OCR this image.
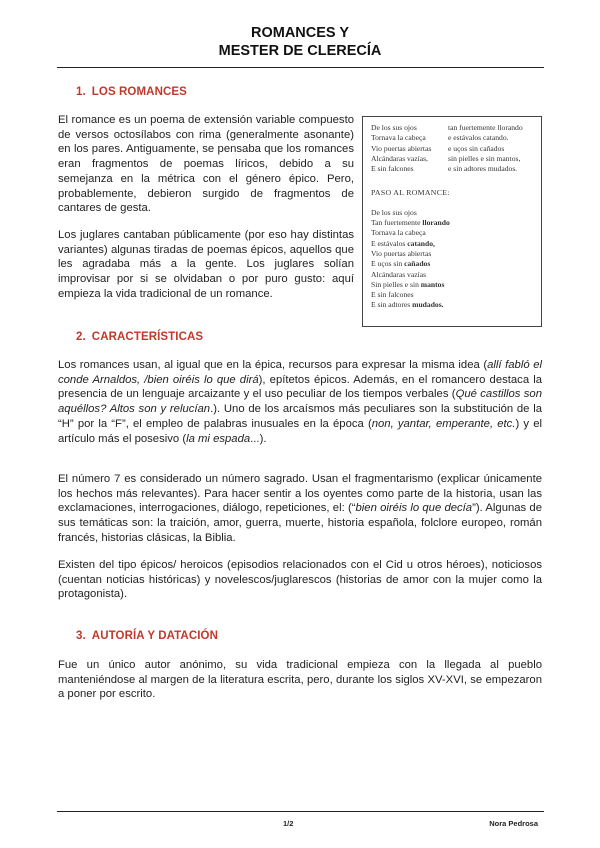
ROMANCES Y
MESTER DE CLERECÍA
1. LOS ROMANCES

El romance es un poema de extensión variable compuesto de versos octosílabos con rima (generalmente asonante) en los pares. Antiguamente, se pensaba que los romances eran fragmentos de poemas líricos, debido a su semejanza en la métrica con el género épico. Pero, probablemente, debieron surgido de fragmentos de cantares de gesta.

Los juglares cantaban públicamente (por eso hay distintas variantes) algunas tiradas de poemas épicos, aquellos que les agradaba más a la gente. Los juglares solían improvisar por si se olvidaban o por puro gusto: aquí empieza la vida tradicional de un romance.

De los sus ojos	tan fuertemente llorando
Tornava la cabeça	e estávalos catando.
Vio puertas abiertas	e uços sin cañados
Alcándaras vazías,	sin pielles e sin mantos,
E sin falcones	e sin adtores mudados.
PASO AL ROMANCE:
De los sus ojos
Tan fuertemente llorando
Tornava la cabeça
E estávalos catando,
Vio puertas abiertas
E uços sin cañados
Alcándaras vazías
Sin pielles e sin mantos
E sin falcones
E sin adtores mudados.
2. CARACTERÍSTICAS

Los romances usan, al igual que en la épica, recursos para expresar la misma idea (allí fabló el conde Arnaldos, /bien oiréis lo que dirá), epítetos épicos. Además, en el romancero destaca la presencia de un lenguaje arcaizante y el uso peculiar de los tiempos verbales (Qué castillos son aquéllos? Altos son y relucían.). Uno de los arcaísmos más peculiares son la substitución de la “H” por la “F”, el empleo de palabras inusuales en la época (non, yantar, emperante, etc.) y el artículo más el posesivo (la mi espada...).

El número 7 es considerado un número sagrado. Usan el fragmentarismo (explicar únicamente los hechos más relevantes). Para hacer sentir a los oyentes como parte de la historia, usan las exclamaciones, interrogaciones, diálogo, repeticiones, el: (“bien oiréis lo que decía”). Algunas de sus temáticas son: la traición, amor, guerra, muerte, historia española, folclore europeo, román francés, historias clásicas, la Biblia.

Existen del tipo épicos/ heroicos (episodios relacionados con el Cid u otros héroes), noticiosos (cuentan noticias históricas) y novelescos/juglarescos (historias de amor con la mujer como la protagonista).

3. AUTORÍA Y DATACIÓN

Fue un único autor anónimo, su vida tradicional empieza con la llegada al pueblo manteniéndose al margen de la literatura escrita, pero, durante los siglos XV-XVI, se empezaron a poner por escrito.

1/2	Nora Pedrosa
